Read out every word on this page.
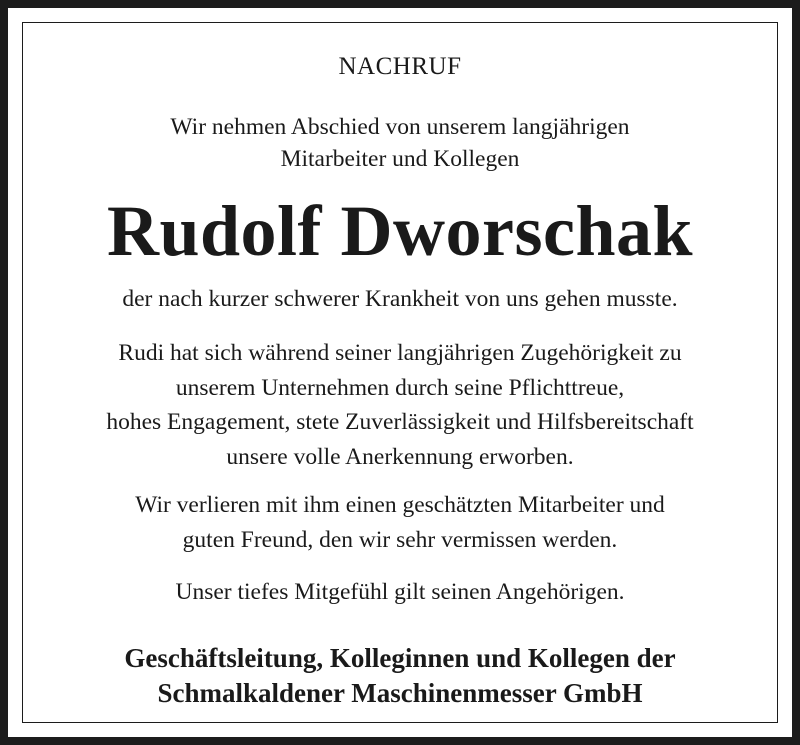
NACHRUF

Wir nehmen Abschied von unserem langjährigen
Mitarbeiter und Kollegen
Rudolf Dworschak

der nach kurzer schwerer Krankheit von uns gehen musste.

Rudi hat sich während seiner langjährigen Zugehörigkeit zu
unserem Unternehmen durch seine Pflichttreue,
hohes Engagement, stete Zuverlässigkeit und Hilfsbereitschaft
unsere volle Anerkennung erworben.
Wir verlieren mit ihm einen geschätzten Mitarbeiter und
guten Freund, den wir sehr vermissen werden.

Unser tiefes Mitgefühl gilt seinen Angehörigen.

Geschäftsleitung, Kolleginnen und Kollegen der
Schmalkaldener Maschinenmesser GmbH
